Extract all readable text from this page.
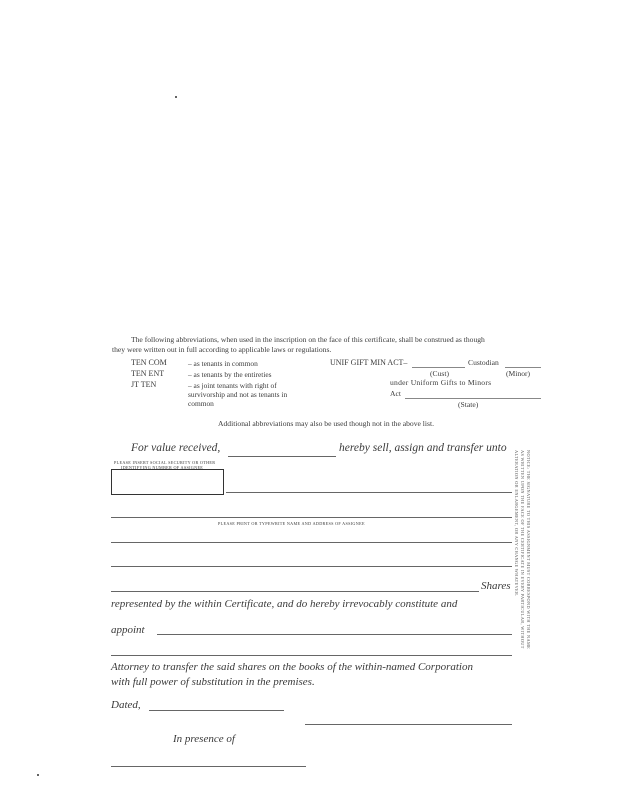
The following abbreviations, when used in the inscription on the face of this certificate, shall be construed as though
they were written out in full according to applicable laws or regulations.
TEN COM	– as tenants in common
TEN ENT	– as tenants by the entireties
JT TEN	– as joint tenants with right of survivorship and not as tenants in common
UNIF GIFT MIN ACT–	Custodian
(Cust)	(Minor)
under Uniform Gifts to Minors
Act
(State)
Additional abbreviations may also be used though not in the above list.
For value received,	hereby sell, assign and transfer unto
PLEASE INSERT SOCIAL SECURITY OR OTHER
IDENTIFYING NUMBER OF ASSIGNEE
PLEASE PRINT OR TYPEWRITE NAME AND ADDRESS OF ASSIGNEE
Shares
represented by the within Certificate, and do hereby irrevocably constitute and
appoint
Attorney to transfer the said shares on the books of the within-named Corporation
with full power of substitution in the premises.
Dated,
In presence of
NOTICE: THE SIGNATURE TO THIS ASSIGNMENT MUST CORRESPOND WITH THE NAME
AS WRITTEN UPON THE FACE OF THE CERTIFICATE IN EVERY PARTICULAR, WITHOUT
ALTERATION OR ENLARGEMENT, OR ANY CHANGE WHATEVER.
